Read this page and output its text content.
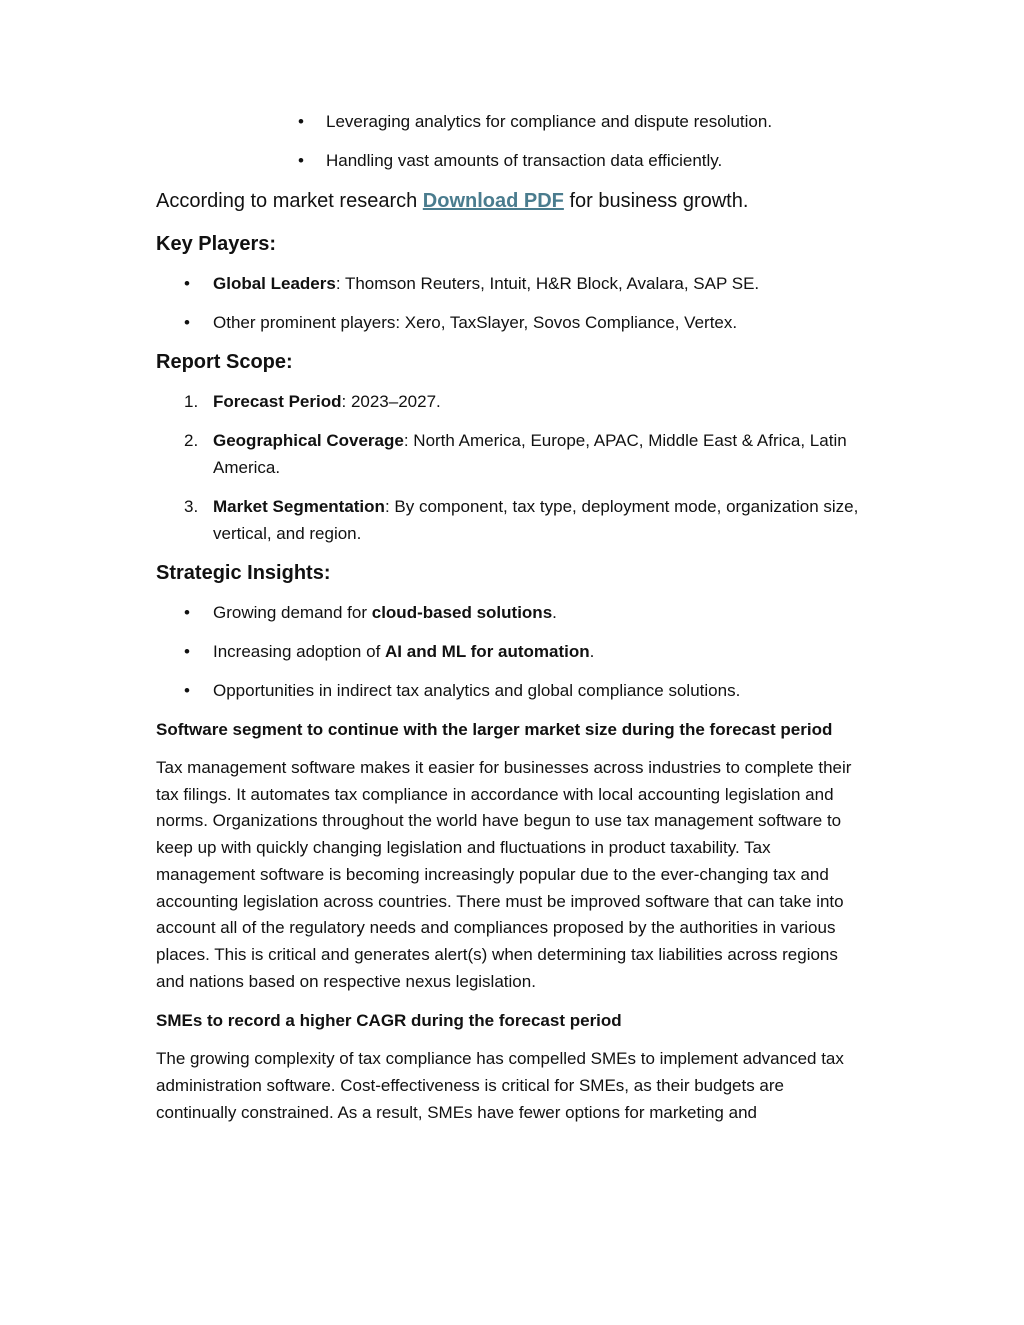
• Leveraging analytics for compliance and dispute resolution.
• Handling vast amounts of transaction data efficiently.

According to market research Download PDF for business growth.

Key Players:
• Global Leaders: Thomson Reuters, Intuit, H&R Block, Avalara, SAP SE.
• Other prominent players: Xero, TaxSlayer, Sovos Compliance, Vertex.
Report Scope:
1. Forecast Period: 2023–2027.
2. Geographical Coverage: North America, Europe, APAC, Middle East & Africa, Latin America.
3. Market Segmentation: By component, tax type, deployment mode, organization size, vertical, and region.
Strategic Insights:
• Growing demand for cloud-based solutions.
• Increasing adoption of AI and ML for automation.
• Opportunities in indirect tax analytics and global compliance solutions.
Software segment to continue with the larger market size during the forecast period

Tax management software makes it easier for businesses across industries to complete their tax filings. It automates tax compliance in accordance with local accounting legislation and norms. Organizations throughout the world have begun to use tax management software to keep up with quickly changing legislation and fluctuations in product taxability. Tax management software is becoming increasingly popular due to the ever-changing tax and accounting legislation across countries. There must be improved software that can take into account all of the regulatory needs and compliances proposed by the authorities in various places. This is critical and generates alert(s) when determining tax liabilities across regions and nations based on respective nexus legislation.

SMEs to record a higher CAGR during the forecast period

The growing complexity of tax compliance has compelled SMEs to implement advanced tax administration software. Cost-effectiveness is critical for SMEs, as their budgets are continually constrained. As a result, SMEs have fewer options for marketing and
